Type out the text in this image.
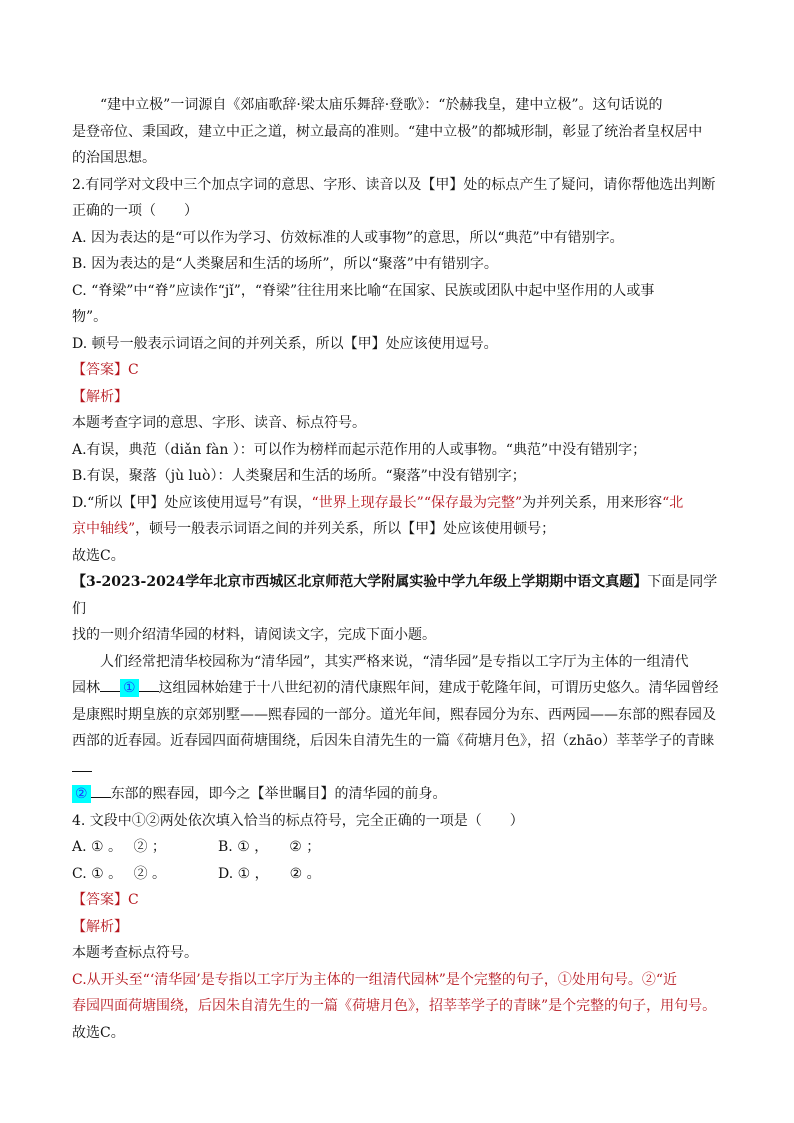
“建中立极”一词源自《郊庙歌辞·梁太庙乐舞辞·登歌》：“於赫我皇，建中立极”。这句话说的

是登帝位、秉国政，建立中正之道，树立最高的准则。“建中立极”的都城形制，彰显了统治者皇权居中

的治国思想。

2.有同学对文段中三个加点字词的意思、字形、读音以及【甲】处的标点产生了疑问，请你帮他选出判断

正确的一项（　　）

A. 因为表达的是“可以作为学习、仿效标准的人或事物”的意思，所以“典范”中有错别字。

B. 因为表达的是“人类聚居和生活的场所”，所以“聚落”中有错别字。

C. “脊梁”中“脊”应读作“jǐ”，“脊梁”往往用来比喻“在国家、民族或团队中起中坚作用的人或事

物”。

D. 顿号一般表示词语之间的并列关系，所以【甲】处应该使用逗号。

【答案】C

【解析】

本题考查字词的意思、字形、读音、标点符号。

A.有误，典范（diǎn fàn ）：可以作为榜样而起示范作用的人或事物。“典范”中没有错别字；

B.有误，聚落（jù luò）：人类聚居和生活的场所。“聚落”中没有错别字；

D.“所以【甲】处应该使用逗号”有误，“世界上现存最长”“保存最为完整”为并列关系，用来形容“北

京中轴线”，顿号一般表示词语之间的并列关系，所以【甲】处应该使用顿号；

故选C。

【3-2023-2024学年北京市西城区北京师范大学附属实验中学九年级上学期期中语文真题】下面是同学们

找的一则介绍清华园的材料，请阅读文字，完成下面小题。

人们经常把清华校园称为“清华园”，其实严格来说，“清华园”是专指以工字厅为主体的一组清代

园林 ① 这组园林始建于十八世纪初的清代康熙年间，建成于乾隆年间，可谓历史悠久。清华园曾经

是康熙时期皇族的京郊别墅——熙春园的一部分。道光年间，熙春园分为东、西两园——东部的熙春园及

西部的近春园。近春园四面荷塘围绕，后因朱自清先生的一篇《荷塘月色》，招（zhāo）莘莘学子的青睐

② 东部的熙春园，即今之【举世瞩目】的清华园的前身。

4. 文段中①②两处依次填入恰当的标点符号，完全正确的一项是（　　）

A. ① 。　 ② ；	B. ① ，　　② ；
C. ① 。　 ② 。	D. ① ，　　② 。

【答案】C

【解析】

本题考查标点符号。

C.从开头至“‘清华园’是专指以工字厅为主体的一组清代园林”是个完整的句子，①处用句号。②“近

春园四面荷塘围绕，后因朱自清先生的一篇《荷塘月色》，招莘莘学子的青睐”是个完整的句子，用句号。

故选C。
